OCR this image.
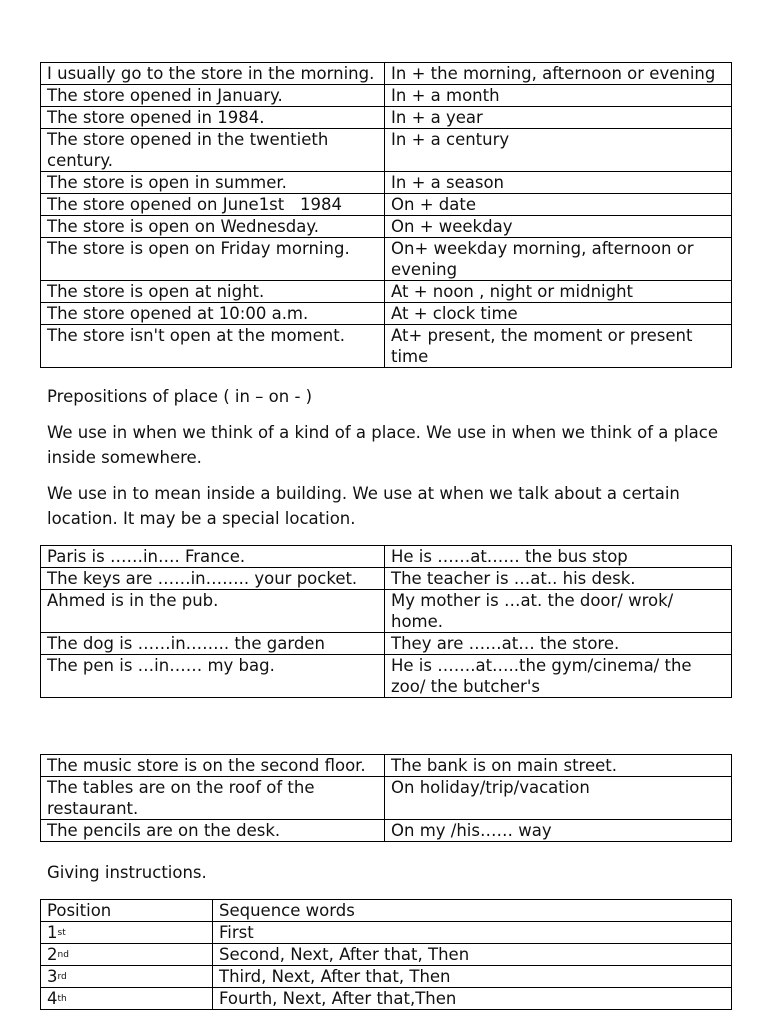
I usually go to the store in the morning.	In + the morning, afternoon or evening
The store opened in January.	In + a month
The store opened in 1984.	In + a year
The store opened in the twentieth century.	In + a century
The store is open in summer.	In + a season
The store opened on June1st   1984	On + date
The store is open on Wednesday.	On + weekday
The store is open on Friday morning.	On+ weekday morning, afternoon or evening
The store is open at night.	At + noon , night or midnight
The store opened at 10:00 a.m.	At + clock time
The store isn't open at the moment.	At+ present, the moment or present time

Prepositions of place ( in – on - )

We use in when we think of a kind of a place. We use in when we think of a place inside somewhere.

We use in to mean inside a building. We use at when we talk about a certain location. It may be a special location.

Paris is ……in…. France.	He is ……at…… the bus stop
The keys are ……in…….. your pocket.	The teacher is …at.. his desk.
Ahmed is in the pub.	My mother is …at. the door/ wrok/ home.
The dog is ……in…….. the garden	They are ……at… the store.
The pen is …in…… my bag.	He is …….at…..the gym/cinema/ the zoo/ the butcher's
The music store is on the second floor.	The bank is on main street.
The tables are on the roof of the restaurant.	On holiday/trip/vacation
The pencils are on the desk.	On my /his…… way

Giving instructions.

Position	Sequence words
1st	First
2nd	Second, Next, After that, Then
3rd	Third, Next, After that, Then
4th	Fourth, Next, After that,Then
